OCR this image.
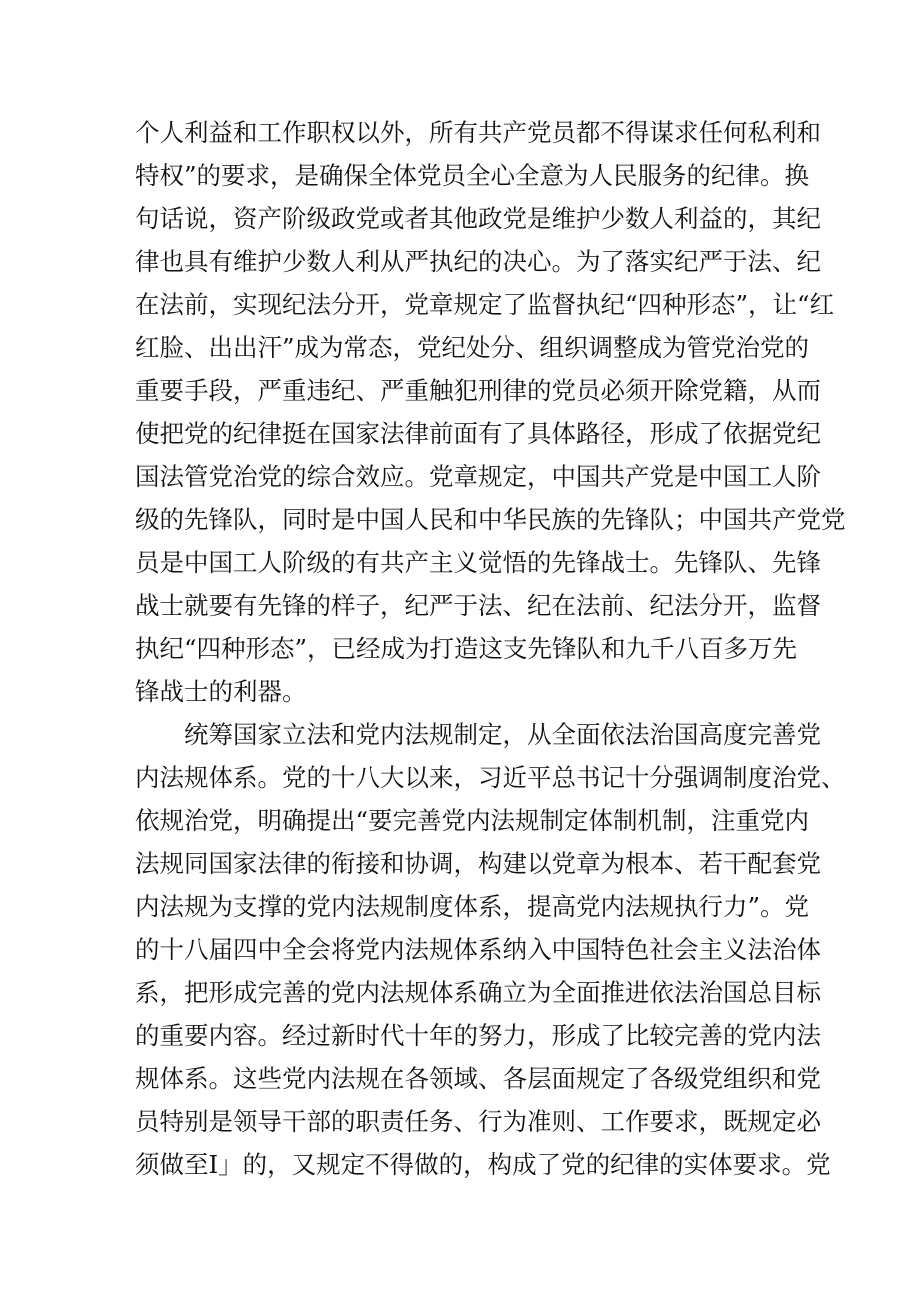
个人利益和工作职权以外，所有共产党员都不得谋求任何私利和
特权”的要求，是确保全体党员全心全意为人民服务的纪律。换
句话说，资产阶级政党或者其他政党是维护少数人利益的，其纪
律也具有维护少数人利从严执纪的决心。为了落实纪严于法、纪
在法前，实现纪法分开，党章规定了监督执纪“四种形态”，让“红
红脸、出出汗”成为常态，党纪处分、组织调整成为管党治党的
重要手段，严重违纪、严重触犯刑律的党员必须开除党籍，从而
使把党的纪律挺在国家法律前面有了具体路径，形成了依据党纪
国法管党治党的综合效应。党章规定，中国共产党是中国工人阶
级的先锋队，同时是中国人民和中华民族的先锋队；中国共产党党
员是中国工人阶级的有共产主义觉悟的先锋战士。先锋队、先锋
战士就要有先锋的样子，纪严于法、纪在法前、纪法分开，监督
执纪“四种形态”，已经成为打造这支先锋队和九千八百多万先
锋战士的利器。
统筹国家立法和党内法规制定，从全面依法治国高度完善党
内法规体系。党的十八大以来，习近平总书记十分强调制度治党、
依规治党，明确提出“要完善党内法规制定体制机制，注重党内
法规同国家法律的衔接和协调，构建以党章为根本、若干配套党
内法规为支撑的党内法规制度体系，提高党内法规执行力”。党
的十八届四中全会将党内法规体系纳入中国特色社会主义法治体
系，把形成完善的党内法规体系确立为全面推进依法治国总目标
的重要内容。经过新时代十年的努力，形成了比较完善的党内法
规体系。这些党内法规在各领域、各层面规定了各级党组织和党
员特别是领导干部的职责任务、行为准则、工作要求，既规定必
须做至I」的，又规定不得做的，构成了党的纪律的实体要求。党
